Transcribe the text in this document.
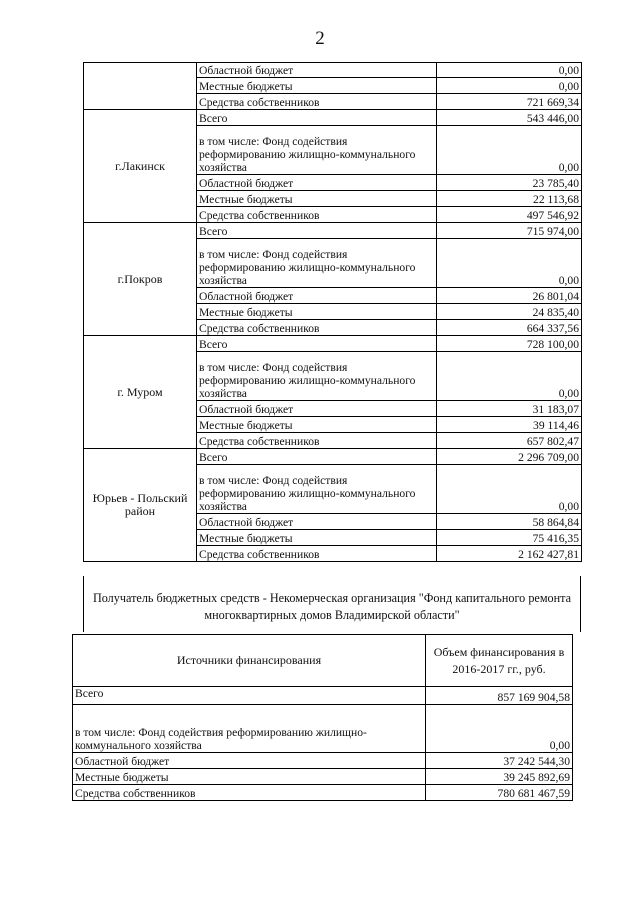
2
	Областной бюджет	0,00
	Местные бюджеты	0,00
	Средства собственников	721 669,34
г.Лакинск	Всего	543 446,00
	в том числе: Фонд содействия реформированию жилищно-коммунального хозяйства	0,00
	Областной бюджет	23 785,40
	Местные бюджеты	22 113,68
	Средства собственников	497 546,92
г.Покров	Всего	715 974,00
	в том числе: Фонд содействия реформированию жилищно-коммунального хозяйства	0,00
	Областной бюджет	26 801,04
	Местные бюджеты	24 835,40
	Средства собственников	664 337,56
г. Муром	Всего	728 100,00
	в том числе: Фонд содействия реформированию жилищно-коммунального хозяйства	0,00
	Областной бюджет	31 183,07
	Местные бюджеты	39 114,46
	Средства собственников	657 802,47
Юрьев - Польский район	Всего	2 296 709,00
	в том числе: Фонд содействия реформированию жилищно-коммунального хозяйства	0,00
	Областной бюджет	58 864,84
	Местные бюджеты	75 416,35
	Средства собственников	2 162 427,81
Получатель бюджетных средств - Некомерческая организация "Фонд капитального ремонта многоквартирных домов Владимирской области"
Источники финансирования	Объем финансирования в 2016-2017 гг., руб.
Всего	857 169 904,58
в том числе: Фонд содействия реформированию жилищно-коммунального хозяйства	0,00
Областной бюджет	37 242 544,30
Местные бюджеты	39 245 892,69
Средства собственников	780 681 467,59
